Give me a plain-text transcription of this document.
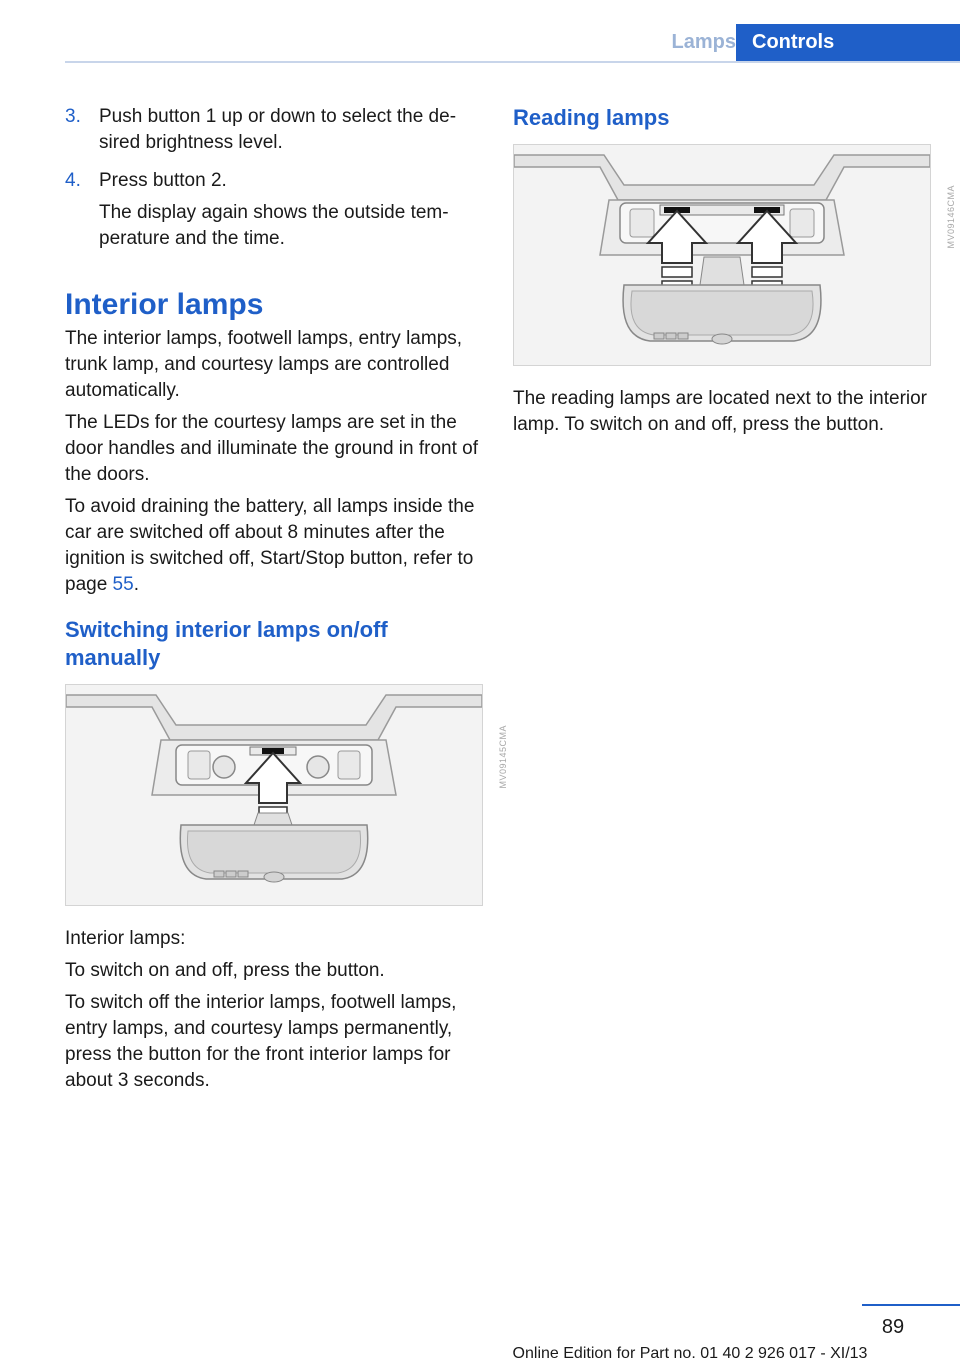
Lamps Controls
3. Push button 1 up or down to select the desired brightness level.

4. Press button 2.

The display again shows the outside temperature and the time.

Interior lamps

The interior lamps, footwell lamps, entry lamps, trunk lamp, and courtesy lamps are controlled automatically.

The LEDs for the courtesy lamps are set in the door handles and illuminate the ground in front of the doors.

To avoid draining the battery, all lamps inside the car are switched off about 8 minutes after the ignition is switched off, Start/Stop button, refer to page 55.

Switching interior lamps on/off manually
MV09145CMA

Interior lamps:

To switch on and off, press the button.

To switch off the interior lamps, footwell lamps, entry lamps, and courtesy lamps permanently, press the button for the front interior lamps for about 3 seconds.

Reading lamps
MV09146CMA

The reading lamps are located next to the interior lamp. To switch on and off, press the button.

89
Online Edition for Part no. 01 40 2 926 017 - XI/13
